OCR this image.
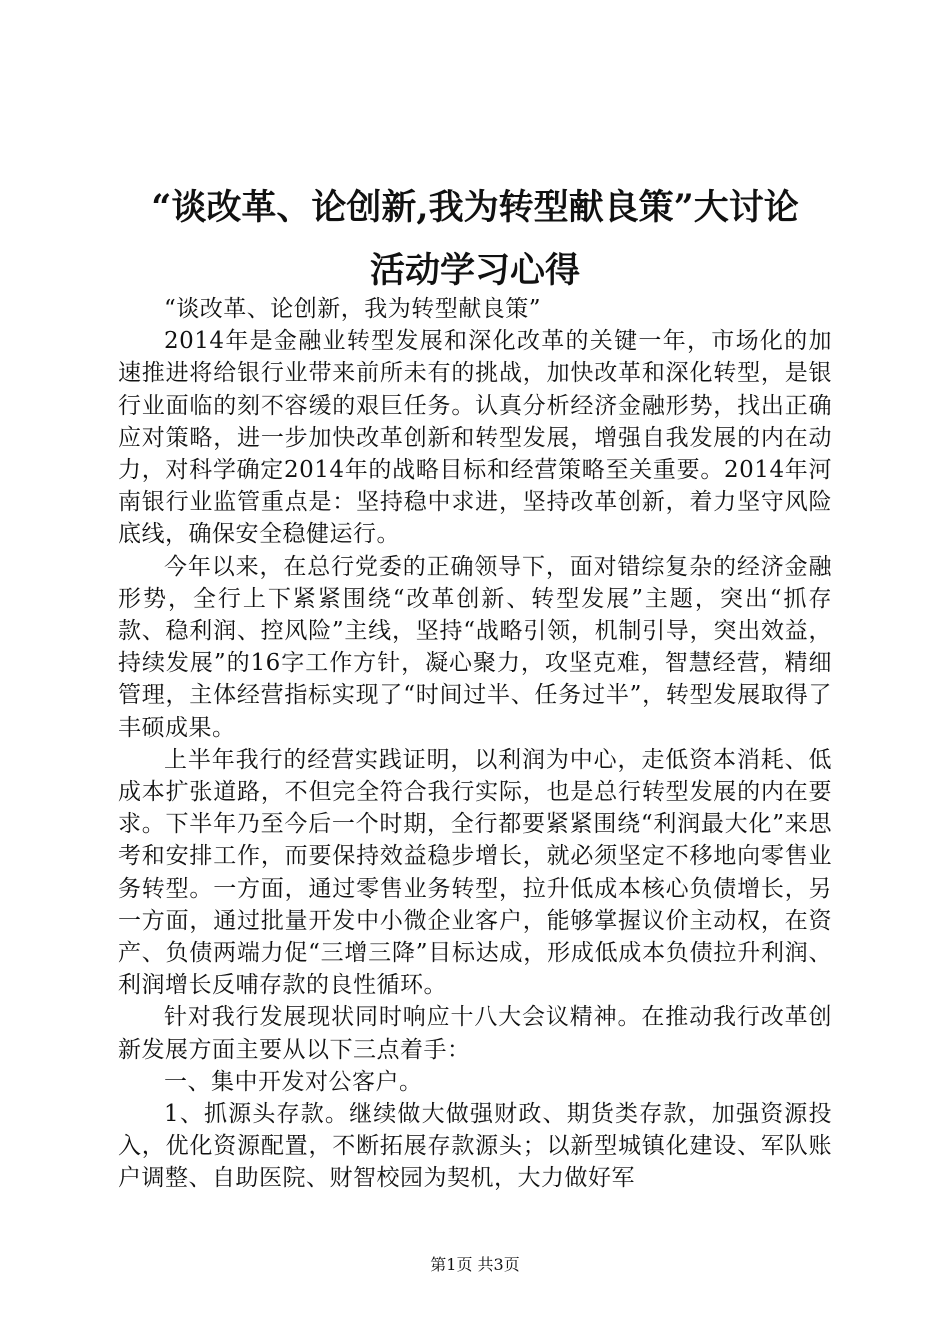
“谈改革、论创新,我为转型献良策”大讨论
活动学习心得

“谈改革、论创新，我为转型献良策”

2014年是金融业转型发展和深化改革的关键一年，市场化的加速推进将给银行业带来前所未有的挑战，加快改革和深化转型，是银行业面临的刻不容缓的艰巨任务。认真分析经济金融形势，找出正确应对策略，进一步加快改革创新和转型发展，增强自我发展的内在动力，对科学确定2014年的战略目标和经营策略至关重要。2014年河南银行业监管重点是：坚持稳中求进，坚持改革创新，着力坚守风险底线，确保安全稳健运行。

今年以来，在总行党委的正确领导下，面对错综复杂的经济金融形势，全行上下紧紧围绕“改革创新、转型发展”主题，突出“抓存款、稳利润、控风险”主线，坚持“战略引领，机制引导，突出效益，持续发展”的16字工作方针，凝心聚力，攻坚克难，智慧经营，精细管理，主体经营指标实现了“时间过半、任务过半”，转型发展取得了丰硕成果。

上半年我行的经营实践证明，以利润为中心，走低资本消耗、低成本扩张道路，不但完全符合我行实际，也是总行转型发展的内在要求。下半年乃至今后一个时期，全行都要紧紧围绕“利润最大化”来思考和安排工作，而要保持效益稳步增长，就必须坚定不移地向零售业务转型。一方面，通过零售业务转型，拉升低成本核心负债增长，另一方面，通过批量开发中小微企业客户，能够掌握议价主动权，在资产、负债两端力促“三增三降”目标达成，形成低成本负债拉升利润、利润增长反哺存款的良性循环。

针对我行发展现状同时响应十八大会议精神。在推动我行改革创新发展方面主要从以下三点着手：

一、集中开发对公客户。

1、抓源头存款。继续做大做强财政、期货类存款，加强资源投入，优化资源配置，不断拓展存款源头；以新型城镇化建设、军队账户调整、自助医院、财智校园为契机，大力做好军

第1页 共3页
